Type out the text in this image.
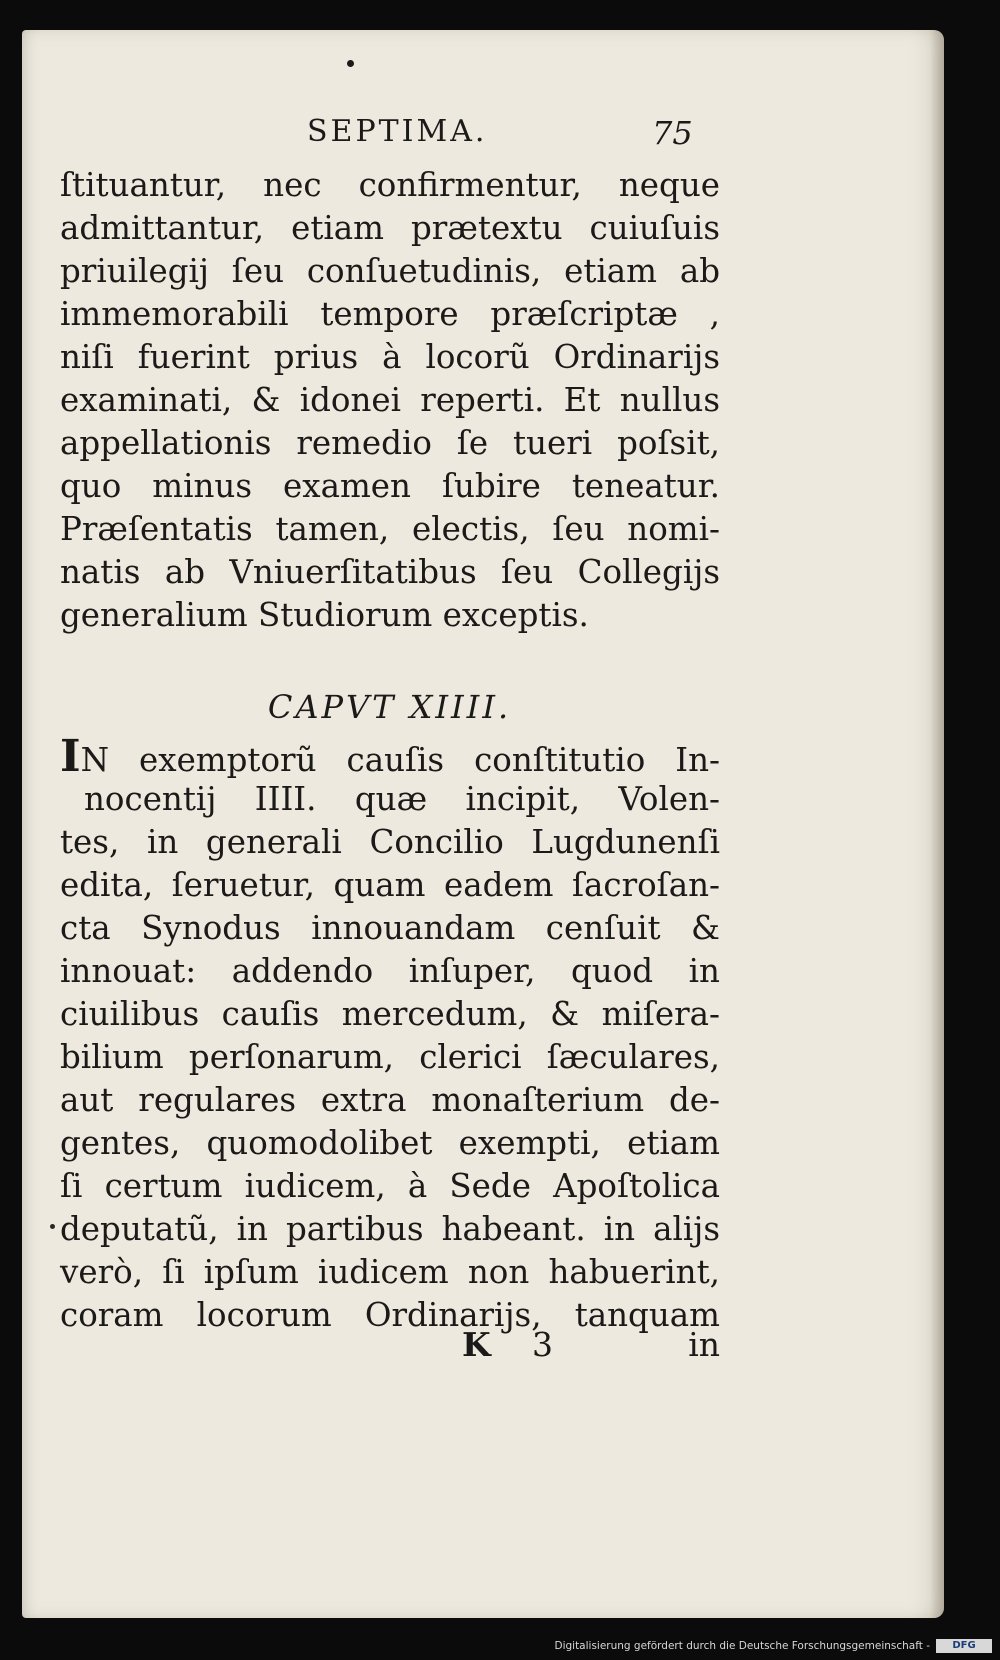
SEPTIMA.	75
ſtituantur, nec confirmentur, neque
admittantur, etiam prætextu cuiuſuis
priuilegij ſeu conſuetudinis, etiam ab
immemorabili tempore præſcriptæ ,
niſi fuerint prius à locorũ Ordinarijs
examinati, & idonei reperti. Et nullus
appellationis remedio ſe tueri poſsit,
quo minus examen ſubire teneatur.
Præſentatis tamen, electis, ſeu nomi-
natis ab Vniuerſitatibus ſeu Collegijs
generalium Studiorum exceptis.
CAPVT XIIII.
IN exemptorũ cauſis conſtitutio In-
nocentij IIII. quæ incipit, Volen-
tes, in generali Concilio Lugdunenſi
edita, ſeruetur, quam eadem ſacroſan-
cta Synodus innouandam cenſuit &
innouat: addendo inſuper, quod in
ciuilibus cauſis mercedum, & miſera-
bilium perſonarum, clerici ſæculares,
aut regulares extra monaſterium de-
gentes, quomodolibet exempti, etiam
ſi certum iudicem, à Sede Apoſtolica
deputatũ, in partibus habeant. in alijs
verò, ſi ipſum iudicem non habuerint,
coram locorum Ordinarijs, tanquam
K 3	in
Digitalisierung gefördert durch die Deutsche Forschungsgemeinschaft -	DFG
